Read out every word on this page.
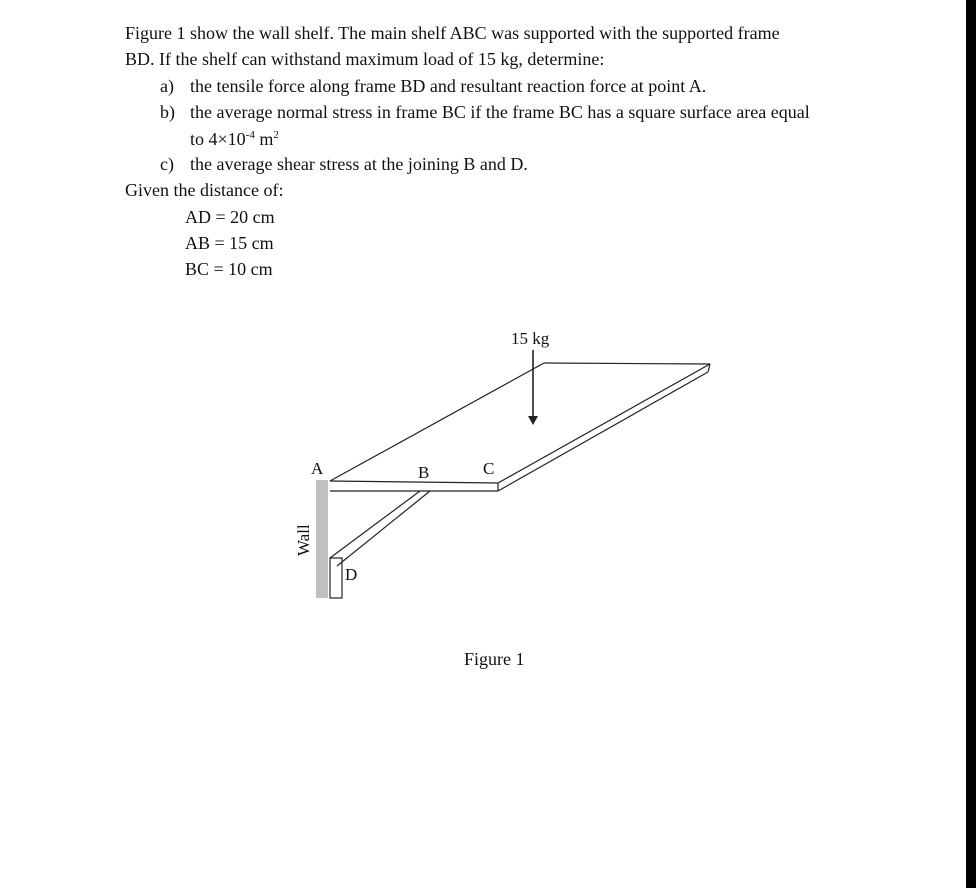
Figure 1 show the wall shelf. The main shelf ABC was supported with the supported frame

BD. If the shelf can withstand maximum load of 15 kg, determine:

a) the tensile force along frame BD and resultant reaction force at point A.

b) the average normal stress in frame BC if the frame BC has a square surface area equal

to $4\times 10^{-4}$ $m^2$

c) the average shear stress at the joining B and D.

Given the distance of:

AD = 20 cm

AB = 15 cm

BC = 10 cm

15 kg
A	B	C
D
Wall
Figure 1
